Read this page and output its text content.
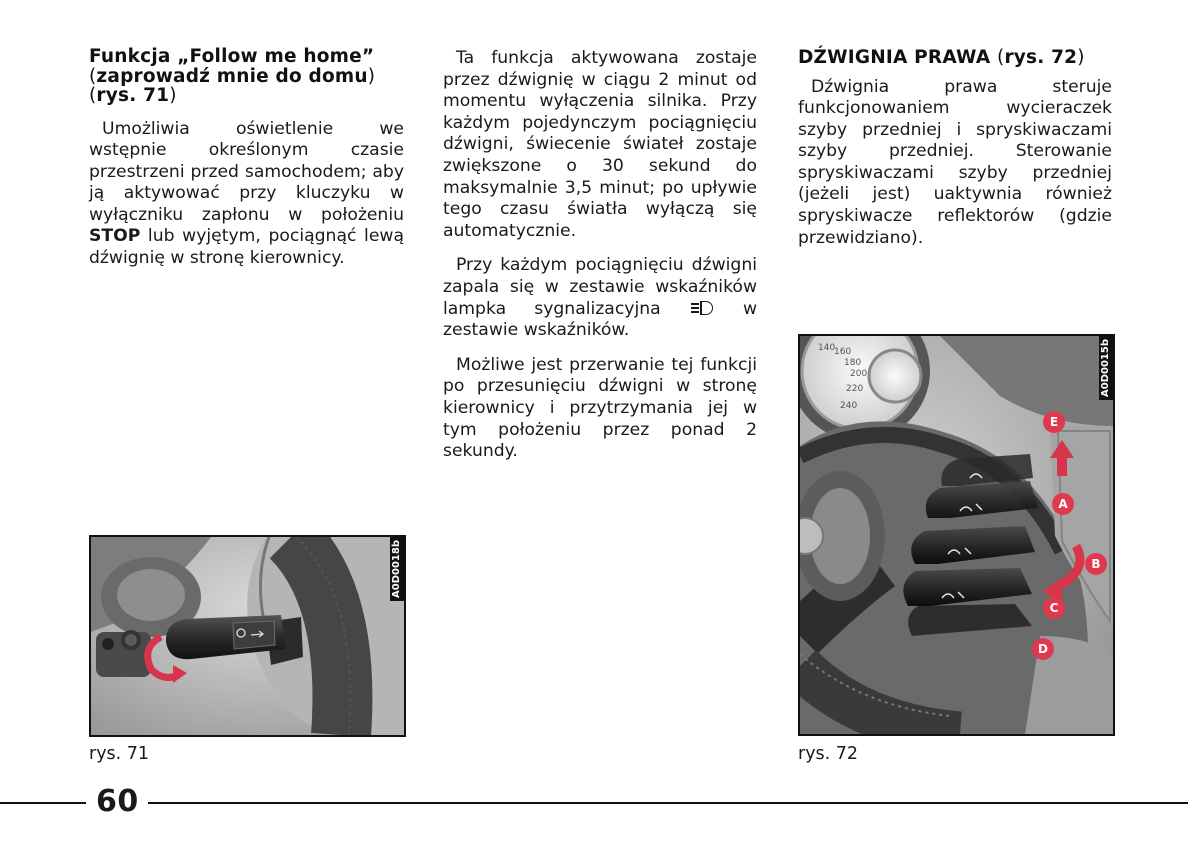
Funkcja „Follow me home”
(zaprowadź mnie do domu)
(rys. 71)

Umożliwia oświetlenie we wstępnie określonym czasie przestrzeni przed samochodem; aby ją aktywować przy kluczyku w wyłączniku zapłonu w położeniu STOP lub wyjętym, pociągnąć lewą dźwignię w stronę kierownicy.

Ta funkcja aktywowana zostaje przez dźwignię w ciągu 2 minut od momentu wyłączenia silnika. Przy każdym pojedynczym pociągnięciu dźwigni, świecenie świateł zostaje zwiększone o 30 sekund do maksymalnie 3,5 minut; po upływie tego czasu światła wyłączą się automatycznie.

Przy każdym pociągnięciu dźwigni zapala się w zestawie wskaźników lampka sygnalizacyjna	w zestawie wskaźników.

Możliwe jest przerwanie tej funkcji po przesunięciu dźwigni w stronę kierownicy i przytrzymania jej w tym położeniu przez ponad 2 sekundy.

DŹWIGNIA PRAWA (rys. 72)

Dźwignia prawa steruje funkcjonowaniem wycieraczek szyby przedniej i spryskiwaczami szyby przedniej. Sterowanie spryskiwaczami szyby przedniej (jeżeli jest) uaktywnia również spryskiwacze reflektorów (gdzie przewidziano).

A0D0018b
rys. 71
140
160
180
200
220
240
E
A
B
C
D
A0D0015b
rys. 72
60
